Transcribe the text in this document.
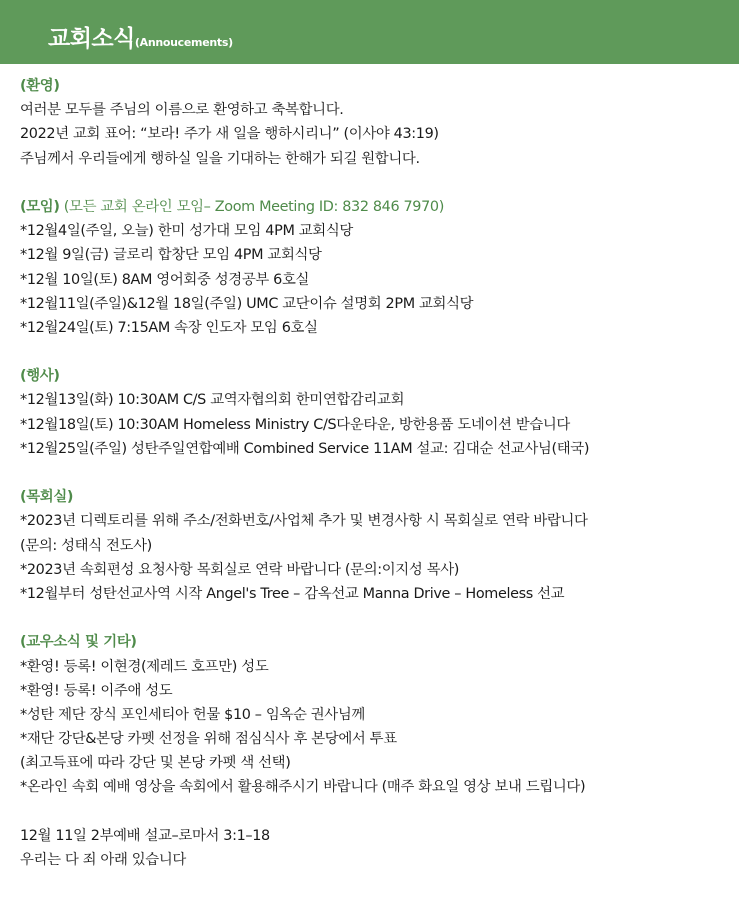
교회소식(Annoucements)
(환영)
여러분 모두를 주님의 이름으로 환영하고 축복합니다.
2022년 교회 표어: “보라! 주가 새 일을 행하시리니” (이사야 43:19)
주님께서 우리들에게 행하실 일을 기대하는 한해가 되길 원합니다.
(모임) (모든 교회 온라인 모임– Zoom Meeting ID: 832 846 7970)
*12월4일(주일, 오늘) 한미 성가대 모임 4PM 교회식당
*12월 9일(금) 글로리 합창단 모임 4PM 교회식당
*12월 10일(토) 8AM 영어회중 성경공부 6호실
*12월11일(주일)&12월 18일(주일) UMC 교단이슈 설명회 2PM 교회식당
*12월24일(토) 7:15AM 속장 인도자 모임 6호실
(행사)
*12월13일(화) 10:30AM C/S 교역자협의회 한미연합감리교회
*12월18일(토) 10:30AM Homeless Ministry C/S다운타운, 방한용품 도네이션 받습니다
*12월25일(주일) 성탄주일연합예배 Combined Service 11AM 설교: 김대순 선교사님(태국)
(목회실)
*2023년 디렉토리를 위해 주소/전화번호/사업체 추가 및 변경사항 시 목회실로 연락 바랍니다
(문의: 성태식 전도사)
*2023년 속회편성 요청사항 목회실로 연락 바랍니다 (문의:이지성 목사)
*12월부터 성탄선교사역 시작 Angel's Tree – 감옥선교 Manna Drive – Homeless 선교
(교우소식 및 기타)
*환영! 등록! 이현경(제레드 호프만) 성도
*환영! 등록! 이주애 성도
*성탄 제단 장식 포인세티아 헌물 $10 – 임옥순 권사님께
*재단 강단&본당 카펫 선정을 위해 점심식사 후 본당에서 투표
(최고득표에 따라 강단 및 본당 카펫 색 선택)
*온라인 속회 예배 영상을 속회에서 활용해주시기 바랍니다 (매주 화요일 영상 보내 드립니다)
12월 11일 2부예배 설교–로마서 3:1–18
우리는 다 죄 아래 있습니다
